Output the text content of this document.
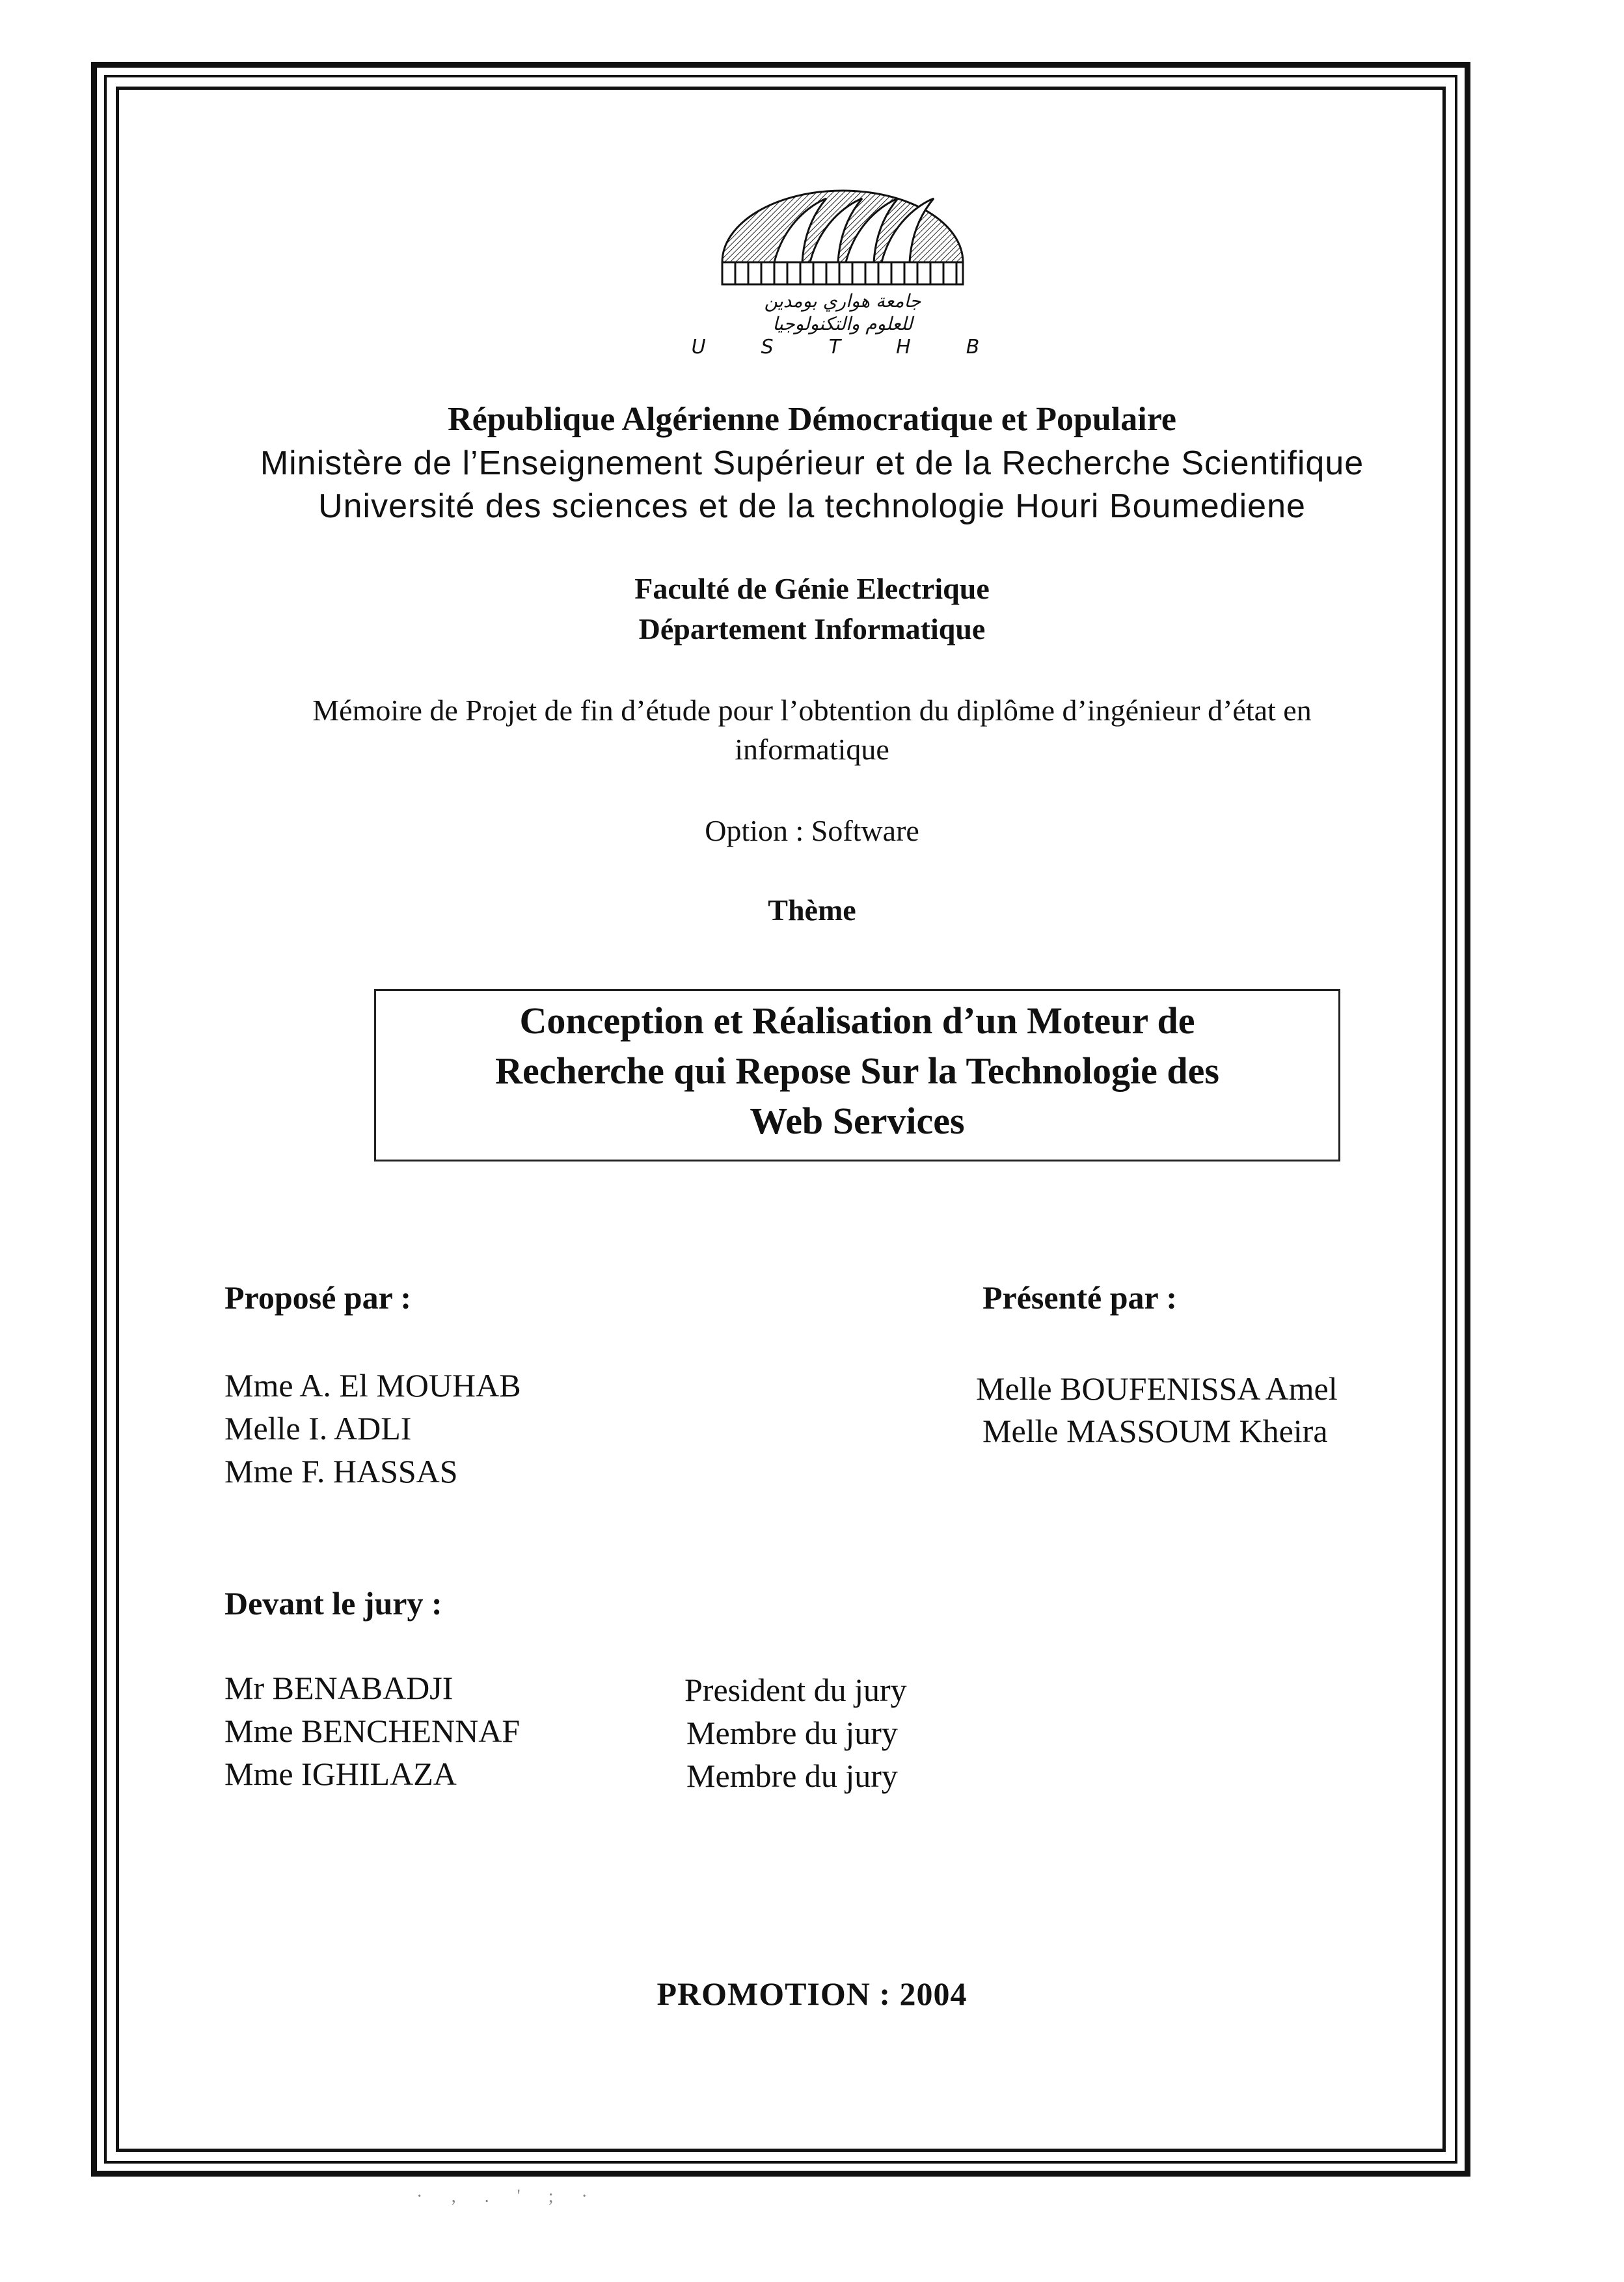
جامعة هواري بومدين
للعلوم والتكنولوجيا
U  S  T  H  B
République Algérienne Démocratique et Populaire
Ministère de l’Enseignement Supérieur et de la Recherche Scientifique
Université des sciences et de la technologie Houri Boumediene
Faculté de Génie Electrique
Département Informatique
Mémoire de Projet de fin d’étude pour l’obtention du diplôme d’ingénieur d’état en
informatique
Option : Software
Thème
Conception et Réalisation d’un Moteur de
Recherche qui Repose Sur la Technologie des
Web Services
Proposé par :
Mme A. El MOUHAB
Melle I. ADLI
Mme F. HASSAS
Présenté par :
Melle BOUFENISSA Amel
Melle MASSOUM Kheira
Devant le jury :
Mr BENABADJI
Mme BENCHENNAF
Mme IGHILAZA
President du jury
Membre du jury
Membre du jury
PROMOTION : 2004
· ‚ . ' ; ·
